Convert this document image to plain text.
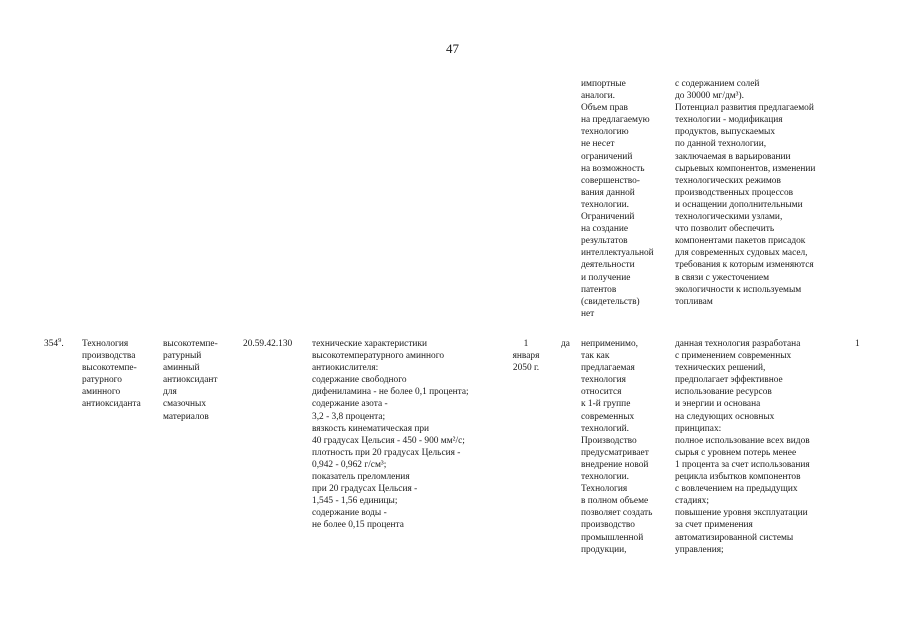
47
импортные
аналоги.
Объем прав
на предлагаемую
технологию
не несет
ограничений
на возможность
совершенство-
вания данной
технологии.
Ограничений
на создание
результатов
интеллектуальной
деятельности
и получение
патентов
(свидетельств)
нет
с содержанием солей
до 30000 мг/дм³).
Потенциал развития предлагаемой
технологии - модификация
продуктов, выпускаемых
по данной технологии,
заключаемая в варьировании
сырьевых компонентов, изменении
технологических режимов
производственных процессов
и оснащении дополнительными
технологическими узлами,
что позволит обеспечить
компонентами пакетов присадок
для современных судовых масел,
требования к которым изменяются
в связи с ужесточением
экологичности к используемым
топливам
$354^9$. Технология
производства
высокотемпе-
ратурного
аминного
антиоксиданта
высокотемпе-
ратурный
аминный
антиоксидант
для
смазочных
материалов
20.59.42.130 технические характеристики
высокотемпературного аминного
антиокислителя:
содержание свободного
дифениламина - не более 0,1 процента;
содержание азота -
3,2 - 3,8 процента;
вязкость кинематическая при
40 градусах Цельсия - 450 - 900 мм²/с;
плотность при 20 градусах Цельсия -
0,942 - 0,962 г/см³;
показатель преломления
при 20 градусах Цельсия -
1,545 - 1,56 единицы;
содержание воды -
не более 0,15 процента
1
января
2050 г.
да неприменимо,
так как
предлагаемая
технология
относится
к 1-й группе
современных
технологий.
Производство
предусматривает
внедрение новой
технологии.
Технология
в полном объеме
позволяет создать
производство
промышленной
продукции,
данная технология разработана
с применением современных
технических решений,
предполагает эффективное
использование ресурсов
и энергии и основана
на следующих основных
принципах:
полное использование всех видов
сырья с уровнем потерь менее
1 процента за счет использования
рецикла избытков компонентов
с вовлечением на предыдущих
стадиях;
повышение уровня эксплуатации
за счет применения
автоматизированной системы
управления;
1
